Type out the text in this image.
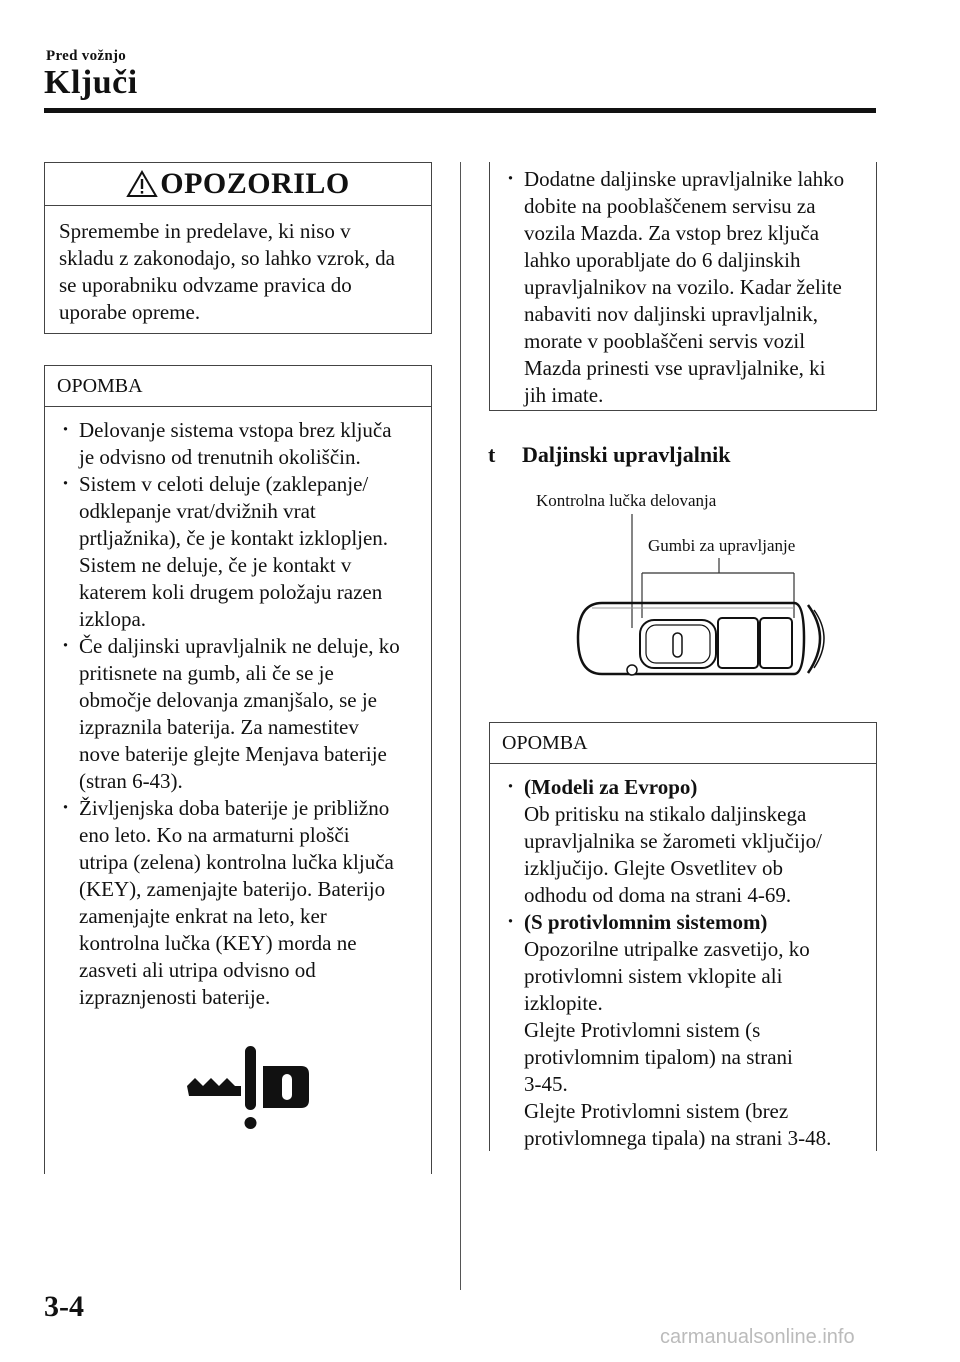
Pred vožnjo
Ključi
OPOZORILO
Spremembe in predelave, ki niso v
skladu z zakonodajo, so lahko vzrok, da
se uporabniku odvzame pravica do
uporabe opreme.
OPOMBA
· Delovanje sistema vstopa brez ključa
je odvisno od trenutnih okoliščin.
· Sistem v celoti deluje (zaklepanje/
odklepanje vrat/dvižnih vrat
prtljažnika), če je kontakt izklopljen.
Sistem ne deluje, če je kontakt v
katerem koli drugem položaju razen
izklopa.
· Če daljinski upravljalnik ne deluje, ko
pritisnete na gumb, ali če se je
območje delovanja zmanjšalo, se je
izpraznila baterija. Za namestitev
nove baterije glejte Menjava baterije
(stran 6-43).
· Življenjska doba baterije je približno
eno leto. Ko na armaturni plošči
utripa (zelena) kontrolna lučka ključa
(KEY), zamenjajte baterijo. Baterijo
zamenjajte enkrat na leto, ker
kontrolna lučka (KEY) morda ne
zasveti ali utripa odvisno od
izpraznjenosti baterije.
· Dodatne daljinske upravljalnike lahko
dobite na pooblaščenem servisu za
vozila Mazda. Za vstop brez ključa
lahko uporabljate do 6 daljinskih
upravljalnikov na vozilo. Kadar želite
nabaviti nov daljinski upravljalnik,
morate v pooblaščeni servis vozil
Mazda prinesti vse upravljalnike, ki
jih imate.
t Daljinski upravljalnik
Kontrolna lučka delovanja
Gumbi za upravljanje
OPOMBA
· (Modeli za Evropo)
Ob pritisku na stikalo daljinskega
upravljalnika se žarometi vključijo/
izključijo. Glejte Osvetlitev ob
odhodu od doma na strani 4-69.
· (S protivlomnim sistemom)
Opozorilne utripalke zasvetijo, ko
protivlomni sistem vklopite ali
izklopite.
Glejte Protivlomni sistem (s
protivlomnim tipalom) na strani
3-45.
Glejte Protivlomni sistem (brez
protivlomnega tipala) na strani 3-48.
3-4
carmanualsonline.info
